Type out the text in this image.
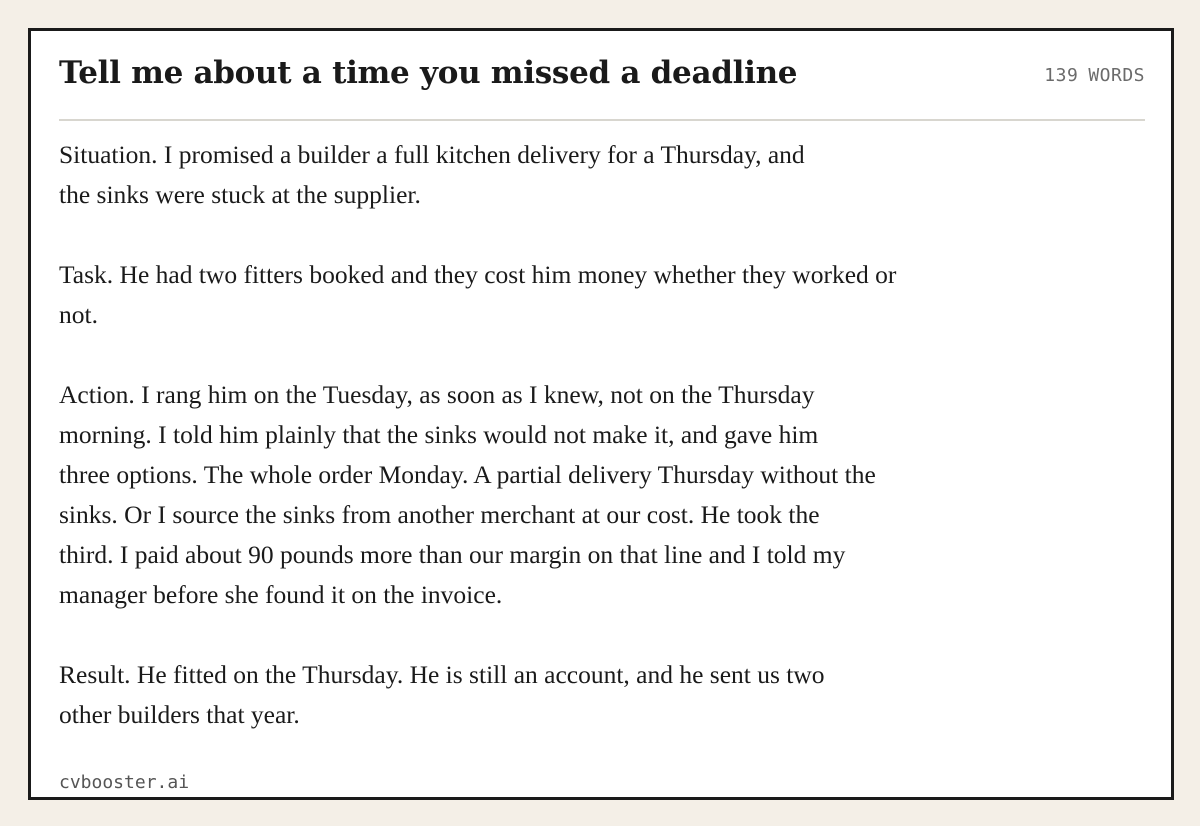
Tell me about a time you missed a deadline	139 WORDS

Situation. I promised a builder a full kitchen delivery for a Thursday, and
the sinks were stuck at the supplier.

Task. He had two fitters booked and they cost him money whether they worked or
not.

Action. I rang him on the Tuesday, as soon as I knew, not on the Thursday
morning. I told him plainly that the sinks would not make it, and gave him
three options. The whole order Monday. A partial delivery Thursday without the
sinks. Or I source the sinks from another merchant at our cost. He took the
third. I paid about 90 pounds more than our margin on that line and I told my
manager before she found it on the invoice.

Result. He fitted on the Thursday. He is still an account, and he sent us two
other builders that year.

cvbooster.ai
